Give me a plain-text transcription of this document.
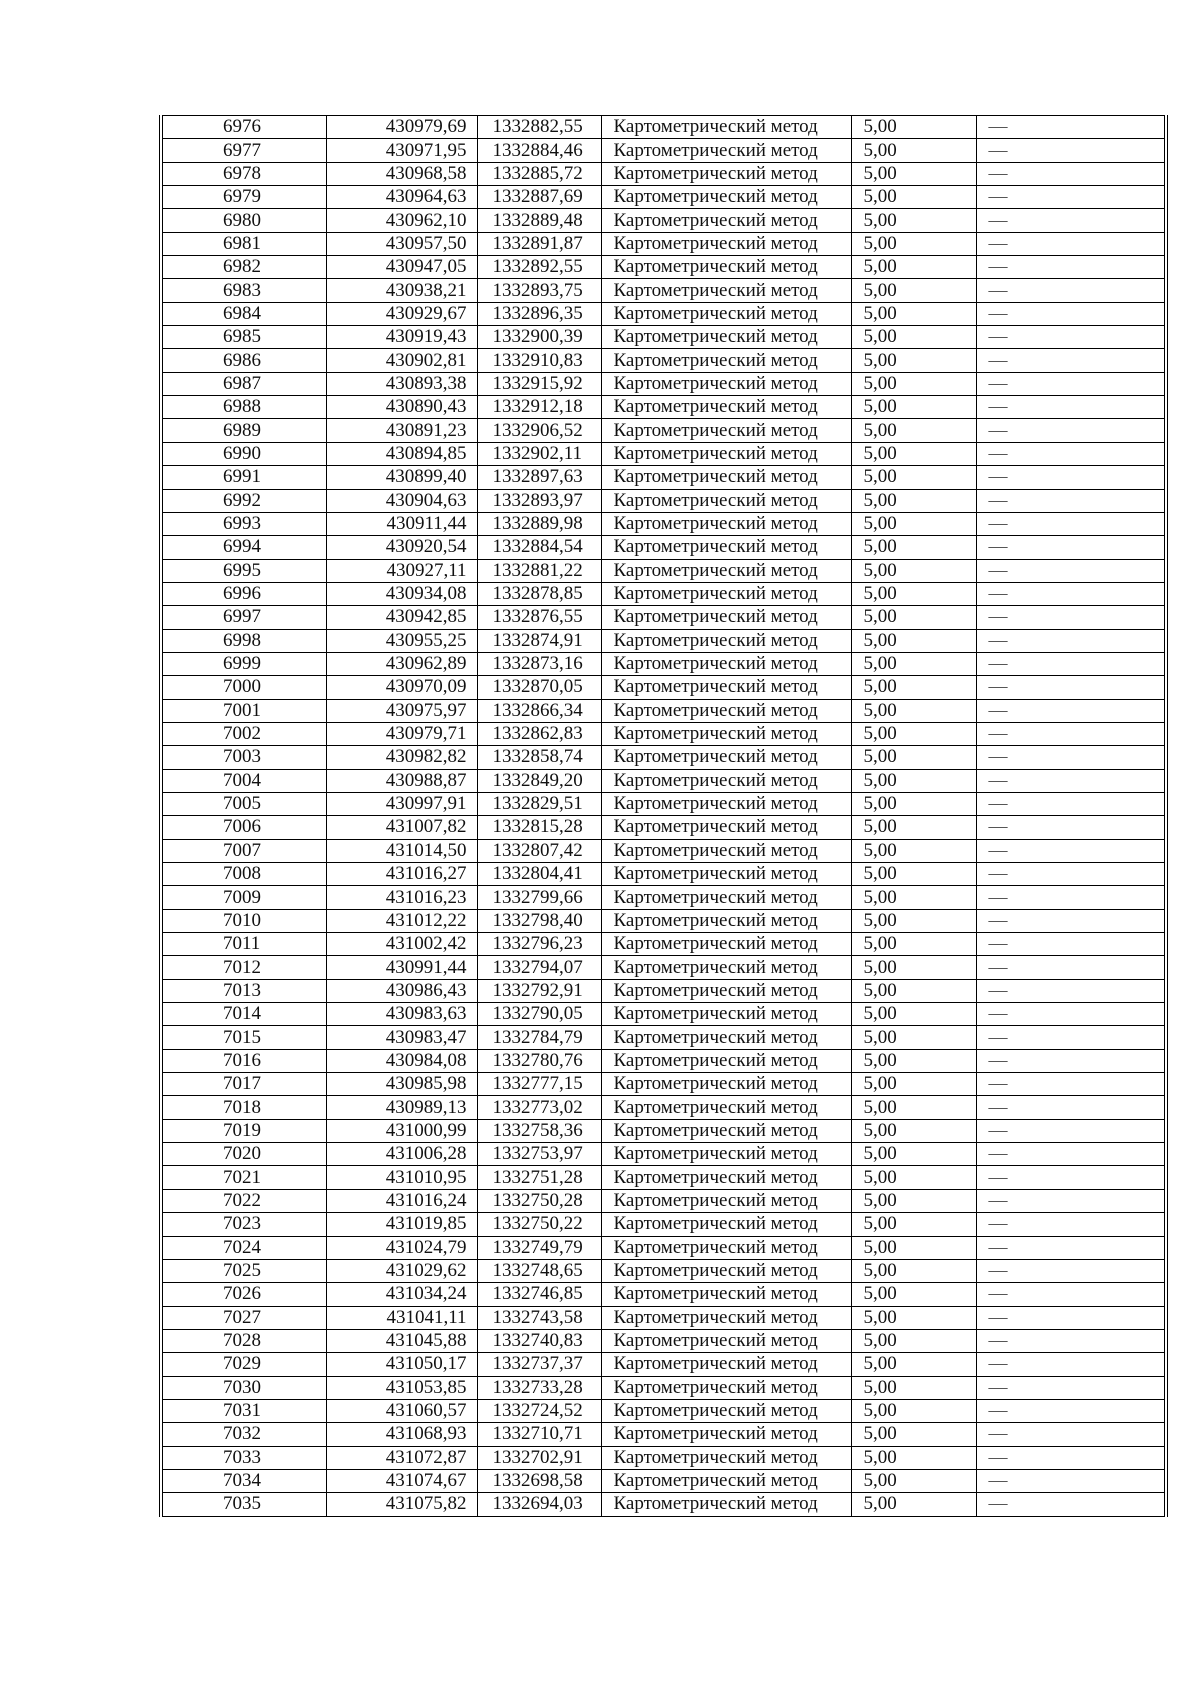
6976	430979,69	1332882,55	Картометрический метод	5,00	—
6977	430971,95	1332884,46	Картометрический метод	5,00	—
6978	430968,58	1332885,72	Картометрический метод	5,00	—
6979	430964,63	1332887,69	Картометрический метод	5,00	—
6980	430962,10	1332889,48	Картометрический метод	5,00	—
6981	430957,50	1332891,87	Картометрический метод	5,00	—
6982	430947,05	1332892,55	Картометрический метод	5,00	—
6983	430938,21	1332893,75	Картометрический метод	5,00	—
6984	430929,67	1332896,35	Картометрический метод	5,00	—
6985	430919,43	1332900,39	Картометрический метод	5,00	—
6986	430902,81	1332910,83	Картометрический метод	5,00	—
6987	430893,38	1332915,92	Картометрический метод	5,00	—
6988	430890,43	1332912,18	Картометрический метод	5,00	—
6989	430891,23	1332906,52	Картометрический метод	5,00	—
6990	430894,85	1332902,11	Картометрический метод	5,00	—
6991	430899,40	1332897,63	Картометрический метод	5,00	—
6992	430904,63	1332893,97	Картометрический метод	5,00	—
6993	430911,44	1332889,98	Картометрический метод	5,00	—
6994	430920,54	1332884,54	Картометрический метод	5,00	—
6995	430927,11	1332881,22	Картометрический метод	5,00	—
6996	430934,08	1332878,85	Картометрический метод	5,00	—
6997	430942,85	1332876,55	Картометрический метод	5,00	—
6998	430955,25	1332874,91	Картометрический метод	5,00	—
6999	430962,89	1332873,16	Картометрический метод	5,00	—
7000	430970,09	1332870,05	Картометрический метод	5,00	—
7001	430975,97	1332866,34	Картометрический метод	5,00	—
7002	430979,71	1332862,83	Картометрический метод	5,00	—
7003	430982,82	1332858,74	Картометрический метод	5,00	—
7004	430988,87	1332849,20	Картометрический метод	5,00	—
7005	430997,91	1332829,51	Картометрический метод	5,00	—
7006	431007,82	1332815,28	Картометрический метод	5,00	—
7007	431014,50	1332807,42	Картометрический метод	5,00	—
7008	431016,27	1332804,41	Картометрический метод	5,00	—
7009	431016,23	1332799,66	Картометрический метод	5,00	—
7010	431012,22	1332798,40	Картометрический метод	5,00	—
7011	431002,42	1332796,23	Картометрический метод	5,00	—
7012	430991,44	1332794,07	Картометрический метод	5,00	—
7013	430986,43	1332792,91	Картометрический метод	5,00	—
7014	430983,63	1332790,05	Картометрический метод	5,00	—
7015	430983,47	1332784,79	Картометрический метод	5,00	—
7016	430984,08	1332780,76	Картометрический метод	5,00	—
7017	430985,98	1332777,15	Картометрический метод	5,00	—
7018	430989,13	1332773,02	Картометрический метод	5,00	—
7019	431000,99	1332758,36	Картометрический метод	5,00	—
7020	431006,28	1332753,97	Картометрический метод	5,00	—
7021	431010,95	1332751,28	Картометрический метод	5,00	—
7022	431016,24	1332750,28	Картометрический метод	5,00	—
7023	431019,85	1332750,22	Картометрический метод	5,00	—
7024	431024,79	1332749,79	Картометрический метод	5,00	—
7025	431029,62	1332748,65	Картометрический метод	5,00	—
7026	431034,24	1332746,85	Картометрический метод	5,00	—
7027	431041,11	1332743,58	Картометрический метод	5,00	—
7028	431045,88	1332740,83	Картометрический метод	5,00	—
7029	431050,17	1332737,37	Картометрический метод	5,00	—
7030	431053,85	1332733,28	Картометрический метод	5,00	—
7031	431060,57	1332724,52	Картометрический метод	5,00	—
7032	431068,93	1332710,71	Картометрический метод	5,00	—
7033	431072,87	1332702,91	Картометрический метод	5,00	—
7034	431074,67	1332698,58	Картометрический метод	5,00	—
7035	431075,82	1332694,03	Картометрический метод	5,00	—
